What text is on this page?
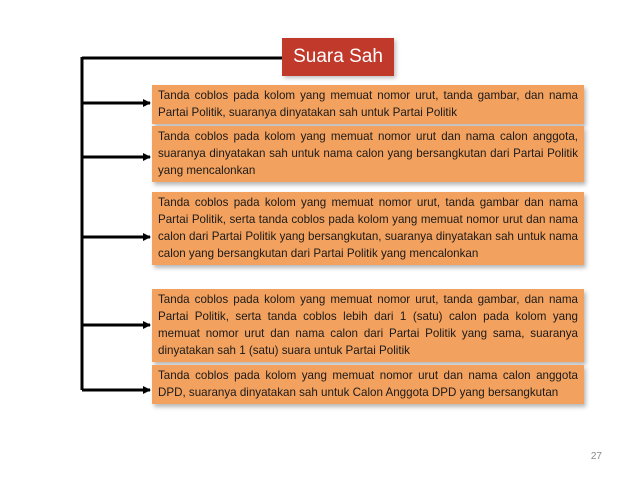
Suara Sah
Tanda coblos pada kolom yang memuat nomor urut, tanda gambar, dan nama Partai Politik, suaranya dinyatakan sah untuk Partai Politik
Tanda coblos pada kolom yang memuat nomor urut dan nama calon anggota, suaranya dinyatakan sah untuk nama calon yang bersangkutan dari Partai Politik yang mencalonkan
Tanda coblos pada kolom yang memuat nomor urut, tanda gambar dan nama Partai Politik, serta tanda coblos pada kolom yang memuat nomor urut dan nama calon dari Partai Politik yang bersangkutan, suaranya dinyatakan sah untuk nama calon yang bersangkutan dari Partai Politik yang mencalonkan
Tanda coblos pada kolom yang memuat nomor urut, tanda gambar, dan nama Partai Politik, serta tanda coblos lebih dari 1 (satu) calon pada kolom yang memuat nomor urut dan nama calon dari Partai Politik yang sama, suaranya dinyatakan sah 1 (satu) suara untuk Partai Politik
Tanda coblos pada kolom yang memuat nomor urut dan nama calon anggota DPD, suaranya dinyatakan sah untuk Calon Anggota DPD yang bersangkutan
27
